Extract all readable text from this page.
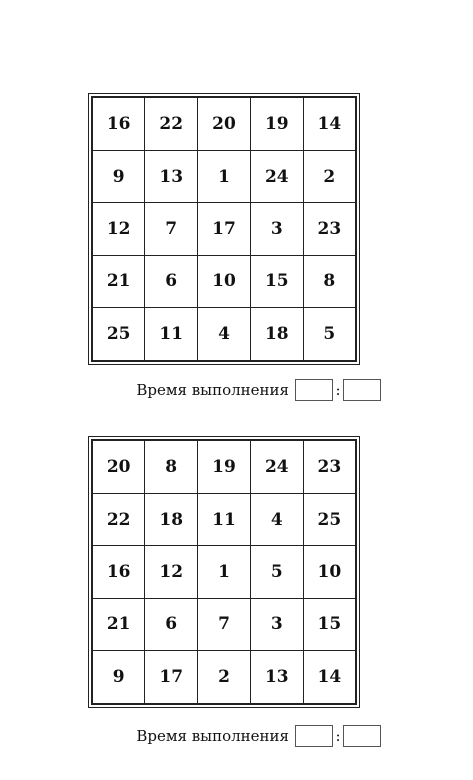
16	22	20	19	14
9	13	1	24	2
12	7	17	3	23
21	6	10	15	8
25	11	4	18	5
Время выполнения	:
20	8	19	24	23
22	18	11	4	25
16	12	1	5	10
21	6	7	3	15
9	17	2	13	14
Время выполнения	:
